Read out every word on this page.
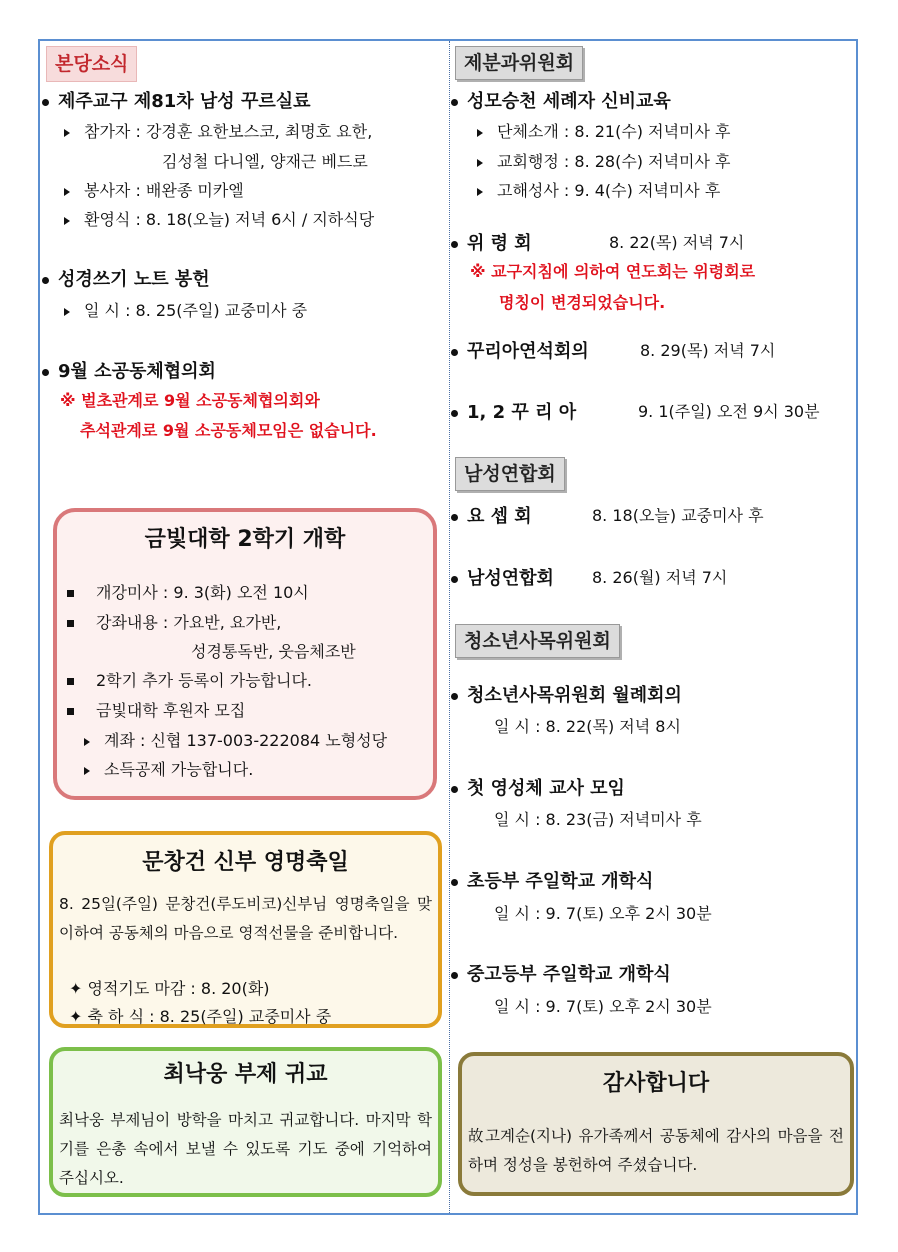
본당소식
제주교구 제81차 남성 꾸르실료
참가자 : 강경훈 요한보스코, 최명호 요한,
김성철 다니엘, 양재근 베드로
봉사자 : 배완종 미카엘
환영식 : 8. 18(오늘) 저녁 6시 / 지하식당
성경쓰기 노트 봉헌
일 시 : 8. 25(주일) 교중미사 중
9월 소공동체협의회
※ 벌초관계로 9월 소공동체협의회와
추석관계로 9월 소공동체모임은 없습니다.
금빛대학 2학기 개학
개강미사 : 9. 3(화) 오전 10시
강좌내용 : 가요반, 요가반,
성경통독반, 웃음체조반
2학기 추가 등록이 가능합니다.
금빛대학 후원자 모집
계좌 : 신협 137-003-222084 노형성당
소득공제 가능합니다.
문창건 신부 영명축일
8. 25일(주일) 문창건(루도비코)신부님 영명축일을 맞이하여 공동체의 마음으로 영적선물을 준비합니다.
✦ 영적기도 마감 : 8. 20(화)
✦ 축 하 식 : 8. 25(주일) 교중미사 중
최낙웅 부제 귀교
최낙웅 부제님이 방학을 마치고 귀교합니다. 마지막 학기를 은총 속에서 보낼 수 있도록 기도 중에 기억하여 주십시오.
제분과위원회
성모승천 세례자 신비교육
단체소개 : 8. 21(수) 저녁미사 후
교회행정 : 8. 28(수) 저녁미사 후
고해성사 : 9. 4(수) 저녁미사 후
위 령 회	8. 22(목) 저녁 7시
※ 교구지침에 의하여 연도회는 위령회로
명칭이 변경되었습니다.
꾸리아연석회의	8. 29(목) 저녁 7시
1, 2 꾸 리 아	9. 1(주일) 오전 9시 30분
남성연합회
요 셉 회	8. 18(오늘) 교중미사 후
남성연합회 8. 26(월) 저녁 7시
청소년사목위원회
청소년사목위원회 월례회의
일 시 : 8. 22(목) 저녁 8시
첫 영성체 교사 모임
일 시 : 8. 23(금) 저녁미사 후
초등부 주일학교 개학식
일 시 : 9. 7(토) 오후 2시 30분
중고등부 주일학교 개학식
일 시 : 9. 7(토) 오후 2시 30분
감사합니다
故고계순(지나) 유가족께서 공동체에 감사의 마음을 전하며 정성을 봉헌하여 주셨습니다.
